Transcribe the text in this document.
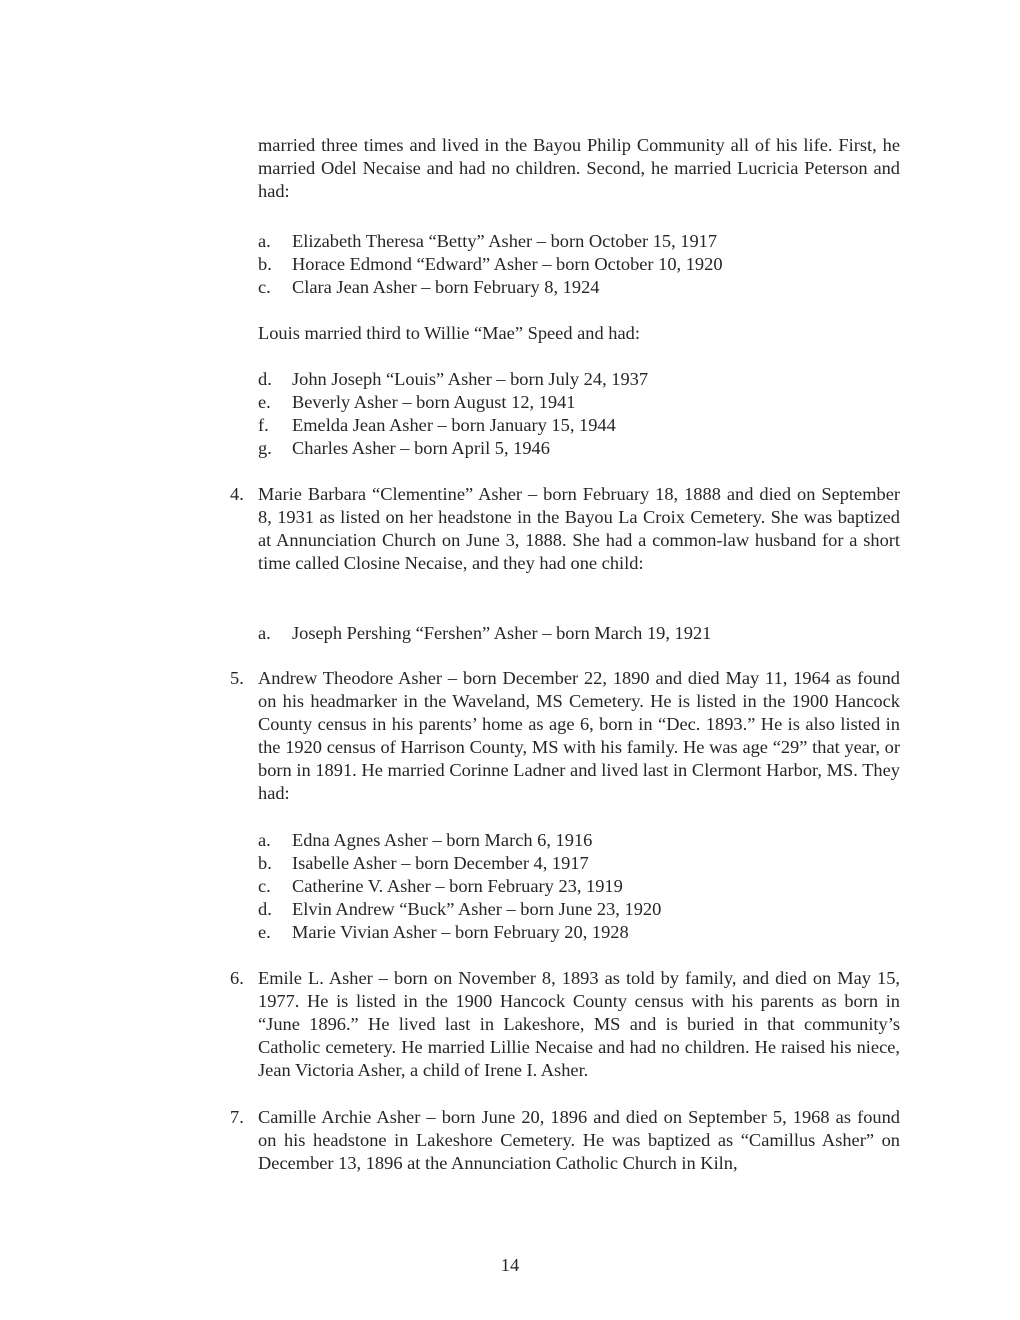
married three times and lived in the Bayou Philip Community all of his life. First, he married Odel Necaise and had no children. Second, he married Lucricia Peterson and had:

a. Elizabeth Theresa “Betty” Asher – born October 15, 1917
b. Horace Edmond “Edward” Asher – born October 10, 1920
c. Clara Jean Asher – born February 8, 1924

Louis married third to Willie “Mae” Speed and had:

d. John Joseph “Louis” Asher – born July 24, 1937
e. Beverly Asher – born August 12, 1941
f. Emelda Jean Asher – born January 15, 1944
g. Charles Asher – born April 5, 1946
4. Marie Barbara “Clementine” Asher – born February 18, 1888 and died on September 8, 1931 as listed on her headstone in the Bayou La Croix Cemetery. She was baptized at Annunciation Church on June 3, 1888. She had a common-law husband for a short time called Closine Necaise, and they had one child:

a. Joseph Pershing “Fershen” Asher – born March 19, 1921
5. Andrew Theodore Asher – born December 22, 1890 and died May 11, 1964 as found on his headmarker in the Waveland, MS Cemetery. He is listed in the 1900 Hancock County census in his parents’ home as age 6, born in “Dec. 1893.” He is also listed in the 1920 census of Harrison County, MS with his family. He was age “29” that year, or born in 1891. He married Corinne Ladner and lived last in Clermont Harbor, MS. They had:

a. Edna Agnes Asher – born March 6, 1916
b. Isabelle Asher – born December 4, 1917
c. Catherine V. Asher – born February 23, 1919
d. Elvin Andrew “Buck” Asher – born June 23, 1920
e. Marie Vivian Asher – born February 20, 1928
6. Emile L. Asher – born on November 8, 1893 as told by family, and died on May 15, 1977. He is listed in the 1900 Hancock County census with his parents as born in “June 1896.” He lived last in Lakeshore, MS and is buried in that community’s Catholic cemetery. He married Lillie Necaise and had no children. He raised his niece, Jean Victoria Asher, a child of Irene I. Asher.

7. Camille Archie Asher – born June 20, 1896 and died on September 5, 1968 as found on his headstone in Lakeshore Cemetery. He was baptized as “Camillus Asher” on December 13, 1896 at the Annunciation Catholic Church in Kiln,

14
